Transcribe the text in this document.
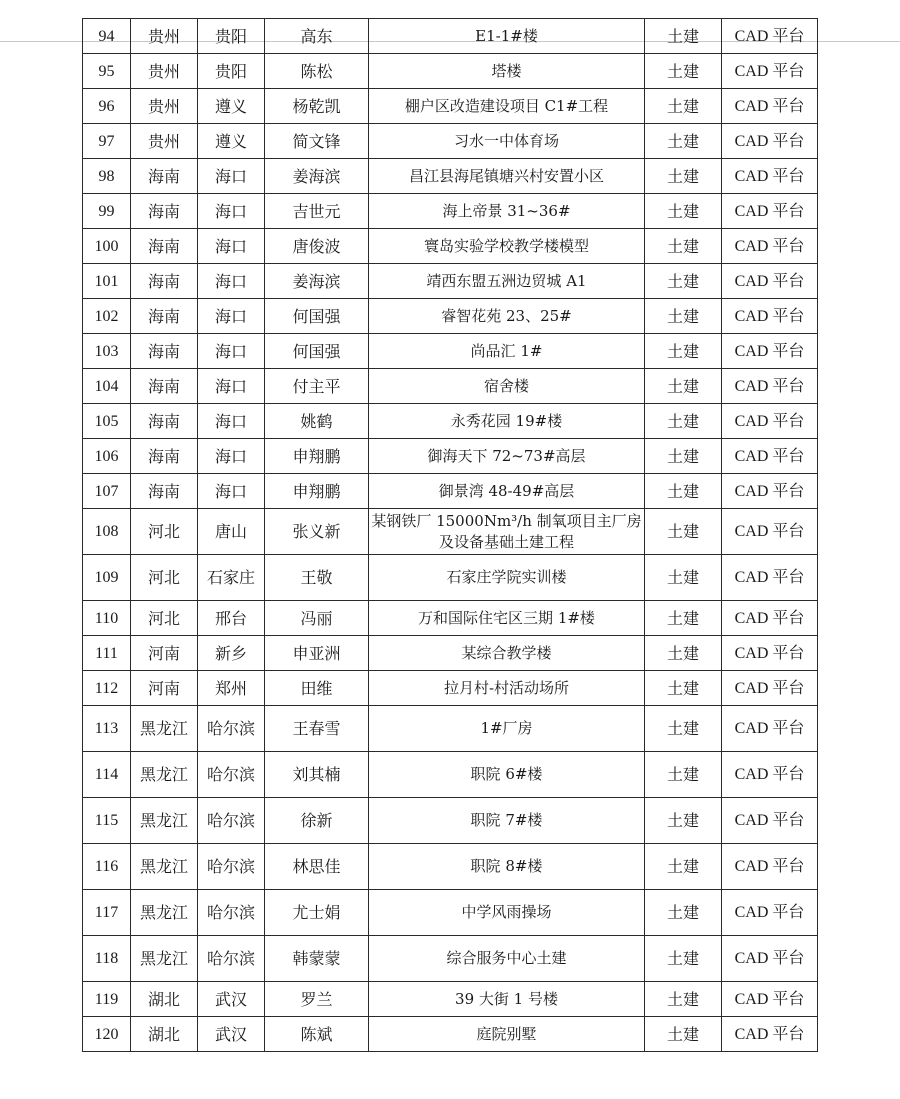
94	贵州	贵阳	高东	E1-1#楼	土建	CAD 平台
95	贵州	贵阳	陈松	塔楼	土建	CAD 平台
96	贵州	遵义	杨乾凯	棚户区改造建设项目 C1#工程	土建	CAD 平台
97	贵州	遵义	简文锋	习水一中体育场	土建	CAD 平台
98	海南	海口	姜海滨	昌江县海尾镇塘兴村安置小区	土建	CAD 平台
99	海南	海口	吉世元	海上帝景 31~36#	土建	CAD 平台
100	海南	海口	唐俊波	寰岛实验学校教学楼模型	土建	CAD 平台
101	海南	海口	姜海滨	靖西东盟五洲边贸城 A1	土建	CAD 平台
102	海南	海口	何国强	睿智花苑 23、25#	土建	CAD 平台
103	海南	海口	何国强	尚品汇 1#	土建	CAD 平台
104	海南	海口	付主平	宿舍楼	土建	CAD 平台
105	海南	海口	姚鹤	永秀花园 19#楼	土建	CAD 平台
106	海南	海口	申翔鹏	御海天下 72~73#高层	土建	CAD 平台
107	海南	海口	申翔鹏	御景湾 48-49#高层	土建	CAD 平台
108	河北	唐山	张义新	某钢铁厂 15000Nm³/h 制氧项目主厂房及设备基础土建工程	土建	CAD 平台
109	河北	石家庄	王敬	石家庄学院实训楼	土建	CAD 平台
110	河北	邢台	冯丽	万和国际住宅区三期 1#楼	土建	CAD 平台
111	河南	新乡	申亚洲	某综合教学楼	土建	CAD 平台
112	河南	郑州	田维	拉月村-村活动场所	土建	CAD 平台
113	黑龙江	哈尔滨	王春雪	1#厂房	土建	CAD 平台
114	黑龙江	哈尔滨	刘其楠	职院 6#楼	土建	CAD 平台
115	黑龙江	哈尔滨	徐新	职院 7#楼	土建	CAD 平台
116	黑龙江	哈尔滨	林思佳	职院 8#楼	土建	CAD 平台
117	黑龙江	哈尔滨	尤士娟	中学风雨操场	土建	CAD 平台
118	黑龙江	哈尔滨	韩蒙蒙	综合服务中心土建	土建	CAD 平台
119	湖北	武汉	罗兰	39 大街 1 号楼	土建	CAD 平台
120	湖北	武汉	陈斌	庭院别墅	土建	CAD 平台
